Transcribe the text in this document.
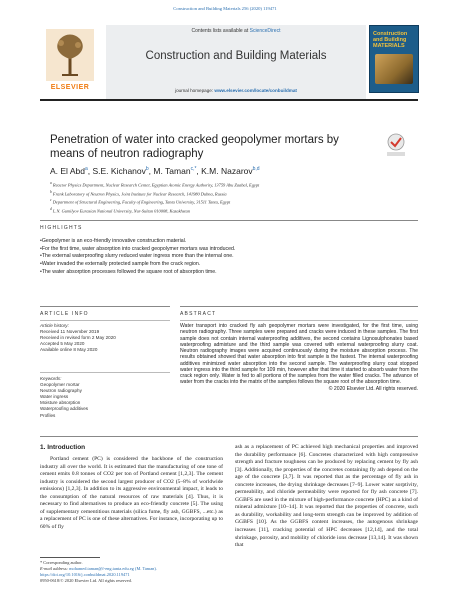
Construction and Building Materials 256 (2020) 119471
ELSEVIER
Contents lists available at ScienceDirect
Construction and Building Materials
journal homepage: www.elsevier.com/locate/conbuildmat
Construction and Building MATERIALS
Penetration of water into cracked geopolymer mortars by means of neutron radiography
A. El Abd$^a$, S.E. Kichanov$^b$, M. Taman$^{c,*}$, K.M. Nazarov$^{b,d}$
$^a$ Reactor Physics Department, Nuclear Research Center, Egyptian Atomic Energy Authority, 13759 Abu Zaabal, Egypt
$^b$ Frank Laboratory of Neutron Physics, Joint Institute for Nuclear Research, 141980 Dubna, Russia
$^c$ Department of Structural Engineering, Faculty of Engineering, Tanta University, 31511 Tanta, Egypt
$^d$ L.N. Gumilyov Eurasian National University, Nur-Sultan 010008, Kazakhstan
HIGHLIGHTS
• Geopolymer is an eco-friendly innovative construction material.
• For the first time, water absorption into cracked geopolymer mortars was introduced.
• The external waterproofing slurry reduced water ingress more than the internal one.
• Water invaded the externally protected sample from the crack region.
• The water absorption processes followed the square root of absorption time.
ARTICLE INFO	ABSTRACT
Article history:
Received 11 November 2019
Received in revised form 2 May 2020
Accepted 5 May 2020
Available online 8 May 2020
Keywords:
Geopolymer mortar
Neutron radiography
Water ingress
Moisture absorption
Waterproofing additives
Profiles
Water transport into cracked fly ash geopolymer mortars were investigated, for the first time, using neutron radiography. Three samples were prepared and cracks were induced in these samples. The first sample does not contain internal waterproofing additives, the second contains Lignosulphonates based waterproofing admixture and the third sample was covered with external waterproofing slurry coat. Neutron radiography images were acquired continuously during the moisture absorption process. The results obtained showed that water absorption into first sample is the fastest. The internal waterproofing additives minimized water absorption into the second sample. The waterproofing slurry coat stopped water ingress into the third sample for 109 min, however after that time it started to absorb water from the crack region only. Water is fed to all portions of the samples from the water filled cracks. The advance of water from the cracks into the matrix of the samples follows the square root of the absorption time.
© 2020 Elsevier Ltd. All rights reserved.
1. Introduction

Portland cement (PC) is considered the backbone of the construction industry all over the world. It is estimated that the manufacturing of one tone of cement emits 0.8 tonnes of CO2 per ton of Portland cement [1,2,3]. The cement industry is considered the second largest producer of CO2 (5–8% of worldwide emissions) [1,2,3]. In addition to its aggressive environmental impact, it leads to the consumption of the natural resources of raw materials [4]. Thus, it is necessary to find alternatives to produce an eco-friendly concrete [5]. The using of supplementary cementitious materials (silica fume, fly ash, GGBFS, ...etc.) as a replacement of PC is one of these alternatives. For instance, incorporating up to 60% of fly

ash as a replacement of PC achieved high mechanical properties and improved the durability performance [6]. Concretes characterized with high compressive strength and fracture toughness can be produced by replacing cement by fly ash [3]. Additionally, the properties of the concretes containing fly ash depend on the age of the concrete [3,7]. It was reported that as the percentage of fly ash in concrete increases, the drying shrinkage decreases [7–9]. Lower water sorptivity, permeability, and chloride permeability were reported for fly ash concrete [7]. GGBFS are used in the mixture of high-performance concrete (HPC) as a kind of mineral admixture [10–14]. It was reported that the properties of concrete, such as durability, workability and long-term strength can be improved by addition of GGBFS [10]. As the GGBFS content increases, the autogenous shrinkage increases [11], cracking potential of HPC decreases [12,14], and the total shrinkage, porosity, and mobility of chloride ions decrease [13,14]. It was shown that

* Corresponding author.
E-mail address: mohamed.taman@f-eng.tanta.edu.eg (M. Taman).
https://doi.org/10.1016/j.conbuildmat.2020.119471
0950-0618/© 2020 Elsevier Ltd. All rights reserved.
